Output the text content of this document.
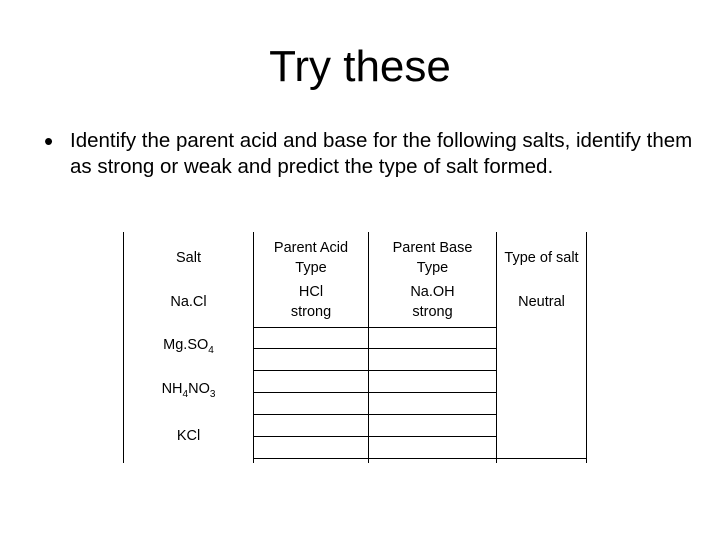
Try these
• Identify the parent acid and base for the following salts, identify them as strong or weak and predict the type of salt formed.
Salt
Parent Acid
Type
Parent Base
Type
Type of salt
Na.Cl
HCl
strong
Na.OH
strong
Neutral
$Mg.SO_4$
$NH_4NO_3$
KCl
